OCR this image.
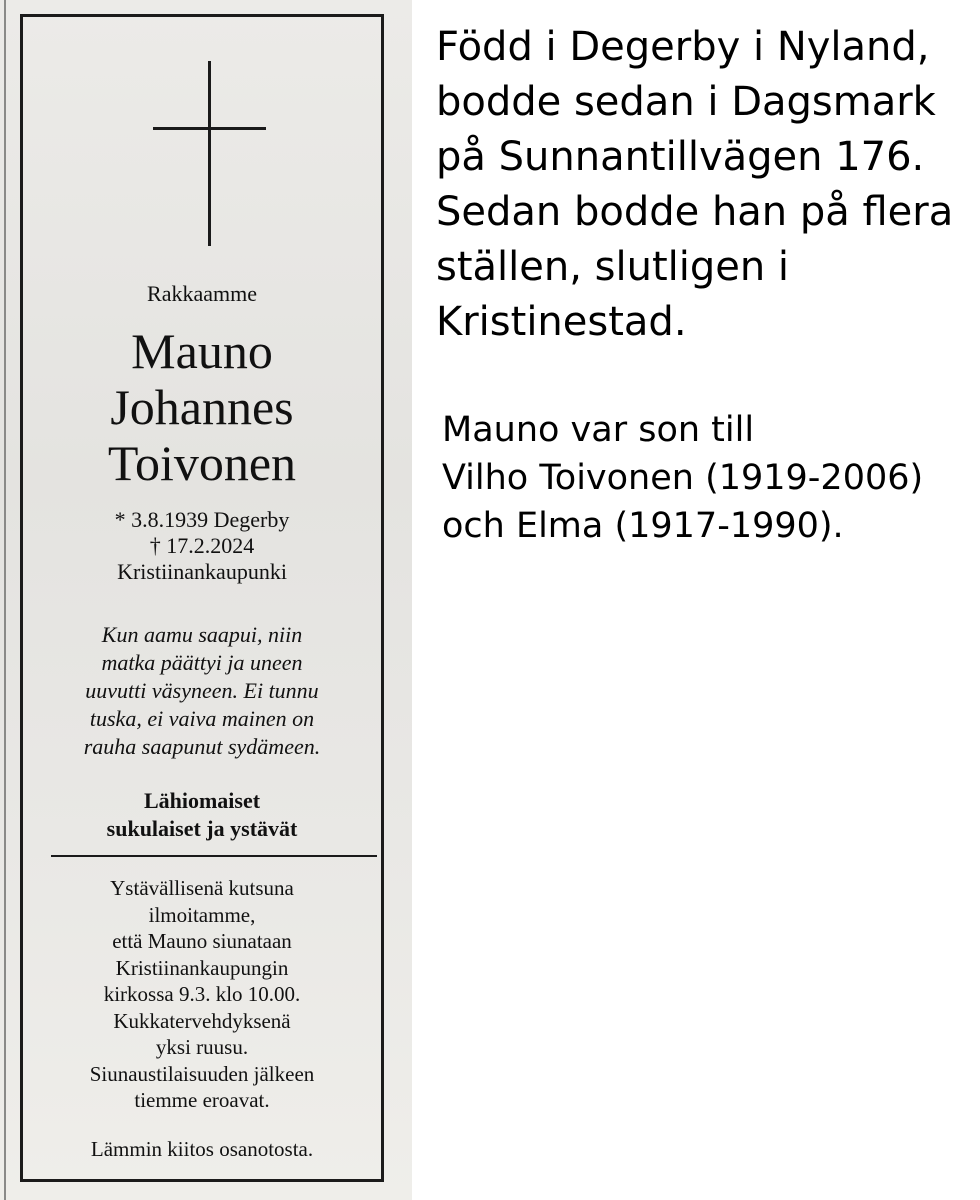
Rakkaamme
Mauno
Johannes
Toivonen
* 3.8.1939 Degerby
† 17.2.2024
Kristiinankaupunki
Kun aamu saapui, niin
matka päättyi ja uneen
uuvutti väsyneen. Ei tunnu
tuska, ei vaiva mainen on
rauha saapunut sydämeen.
Lähiomaiset
sukulaiset ja ystävät
Ystävällisenä kutsuna
ilmoitamme,
että Mauno siunataan
Kristiinankaupungin
kirkossa 9.3. klo 10.00.
Kukkatervehdyksenä
yksi ruusu.
Siunaustilaisuuden jälkeen
tiemme eroavat.
Lämmin kiitos osanotosta.
Född i Degerby i Nyland,
bodde sedan i Dagsmark
på Sunnantillvägen 176.
Sedan bodde han på flera
ställen, slutligen i
Kristinestad.
Mauno var son till
Vilho Toivonen (1919-2006)
och Elma (1917-1990).
